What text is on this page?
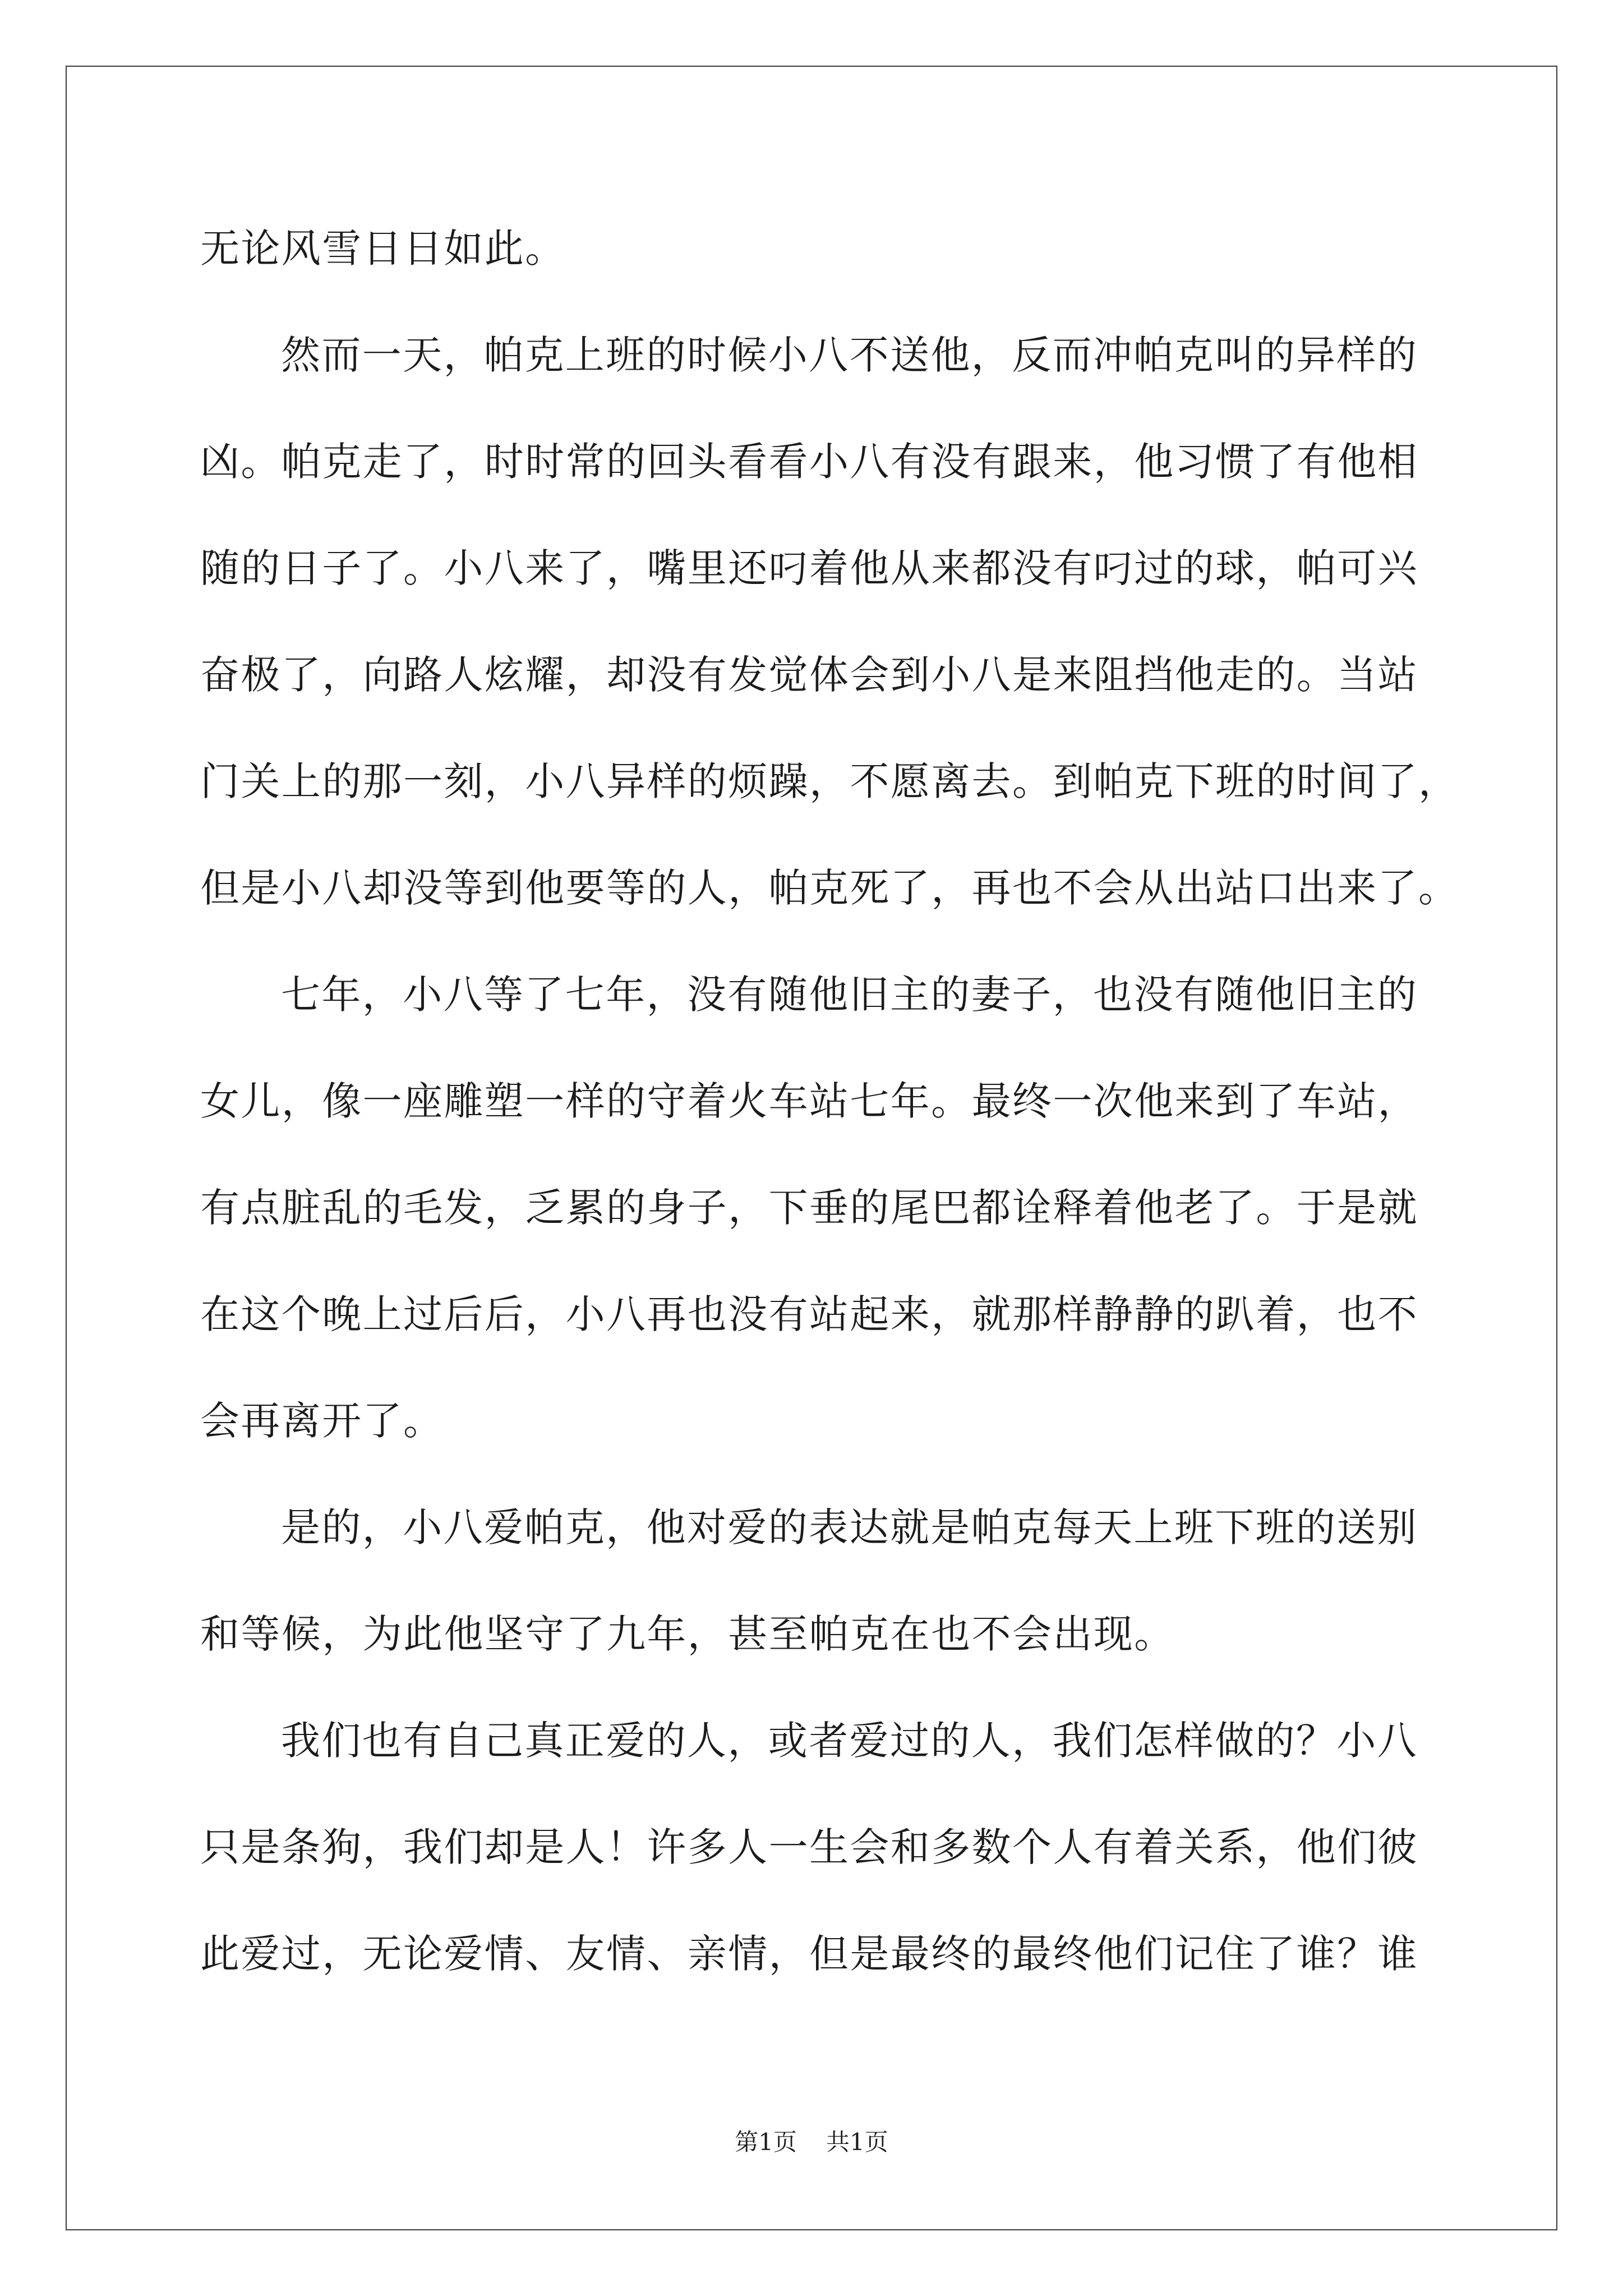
无论风雪日日如此。
然而一天，帕克上班的时候小八不送他，反而冲帕克叫的异样的
凶。帕克走了，时时常的回头看看小八有没有跟来，他习惯了有他相
随的日子了。小八来了，嘴里还叼着他从来都没有叼过的球，帕可兴
奋极了，向路人炫耀，却没有发觉体会到小八是来阻挡他走的。当站
门关上的那一刻，小八异样的烦躁，不愿离去。到帕克下班的时间了，
但是小八却没等到他要等的人，帕克死了，再也不会从出站口出来了。
七年，小八等了七年，没有随他旧主的妻子，也没有随他旧主的
女儿，像一座雕塑一样的守着火车站七年。最终一次他来到了车站，
有点脏乱的毛发，乏累的身子，下垂的尾巴都诠释着他老了。于是就
在这个晚上过后后，小八再也没有站起来，就那样静静的趴着，也不
会再离开了。
是的，小八爱帕克，他对爱的表达就是帕克每天上班下班的送别
和等候，为此他坚守了九年，甚至帕克在也不会出现。
我们也有自己真正爱的人，或者爱过的人，我们怎样做的？小八
只是条狗，我们却是人！许多人一生会和多数个人有着关系，他们彼
此爱过，无论爱情、友情、亲情，但是最终的最终他们记住了谁？谁
第1页 共1页
